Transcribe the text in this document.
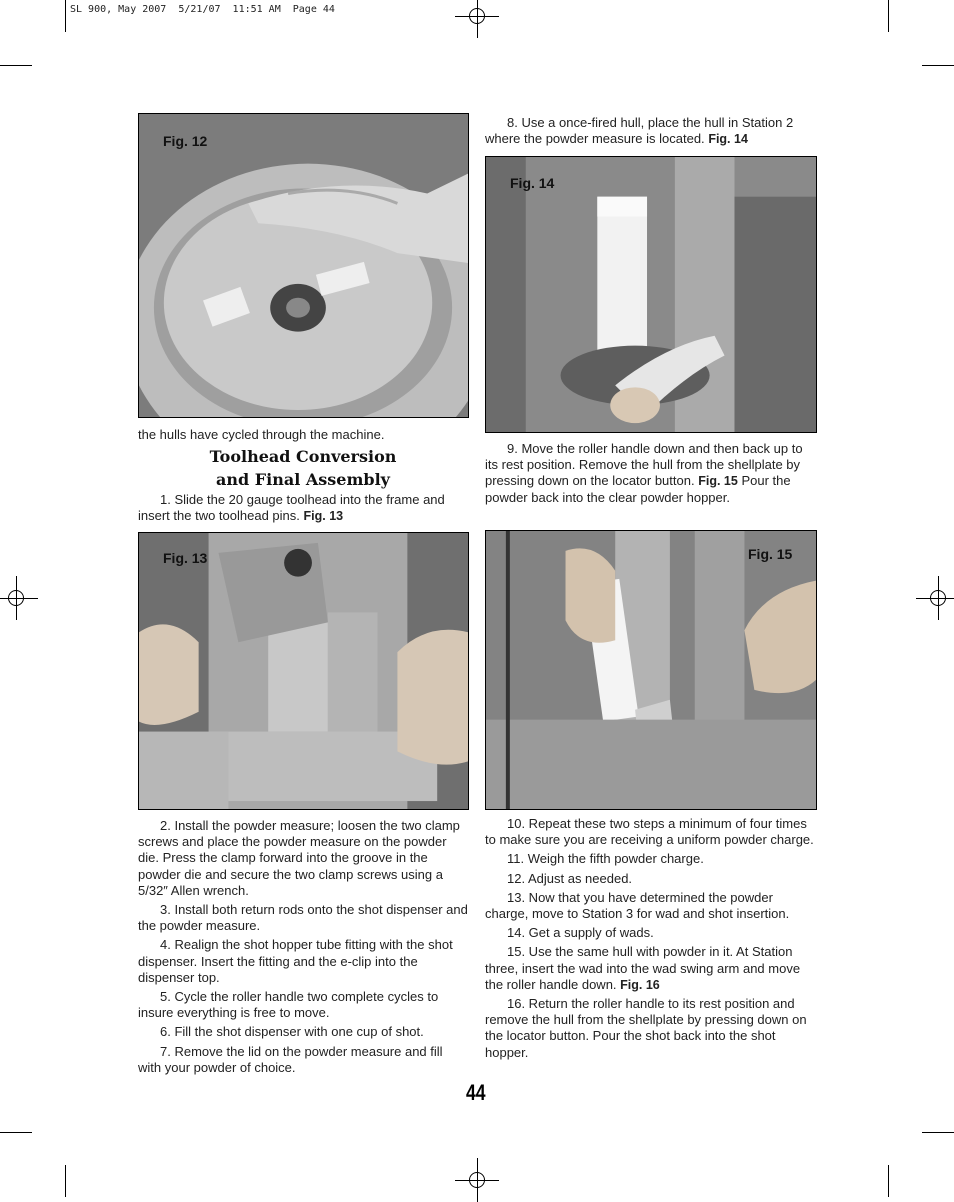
SL 900, May 2007  5/21/07  11:51 AM  Page 44
Fig. 12
Fig. 13
Fig. 14
Fig. 15

the hulls have cycled through the machine.

Toolhead Conversion
and Final Assembly

1. Slide the 20 gauge toolhead into the frame and insert the two toolhead pins. Fig. 13

2. Install the powder measure; loosen the two clamp screws and place the powder measure on the powder die. Press the clamp forward into the groove in the powder die and secure the two clamp screws using a 5/32″ Allen wrench.

3. Install both return rods onto the shot dispenser and the powder measure.

4. Realign the shot hopper tube fitting with the shot dispenser. Insert the fitting and the e-clip into the dispenser top.

5. Cycle the roller handle two complete cycles to insure everything is free to move.

6. Fill the shot dispenser with one cup of shot.

7. Remove the lid on the powder measure and fill with your powder of choice.

8. Use a once-fired hull, place the hull in Station 2 where the powder measure is located. Fig. 14

9. Move the roller handle down and then back up to its rest position. Remove the hull from the shellplate by pressing down on the locator button. Fig. 15 Pour the powder back into the clear powder hopper.

10. Repeat these two steps a minimum of four times to make sure you are receiving a uniform powder charge.

11. Weigh the fifth powder charge.

12. Adjust as needed.

13. Now that you have determined the powder charge, move to Station 3 for wad and shot insertion.

14. Get a supply of wads.

15. Use the same hull with powder in it. At Station three, insert the wad into the wad swing arm and move the roller handle down. Fig. 16

16. Return the roller handle to its rest position and remove the hull from the shellplate by pressing down on the locator button. Pour the shot back into the shot hopper.

44
